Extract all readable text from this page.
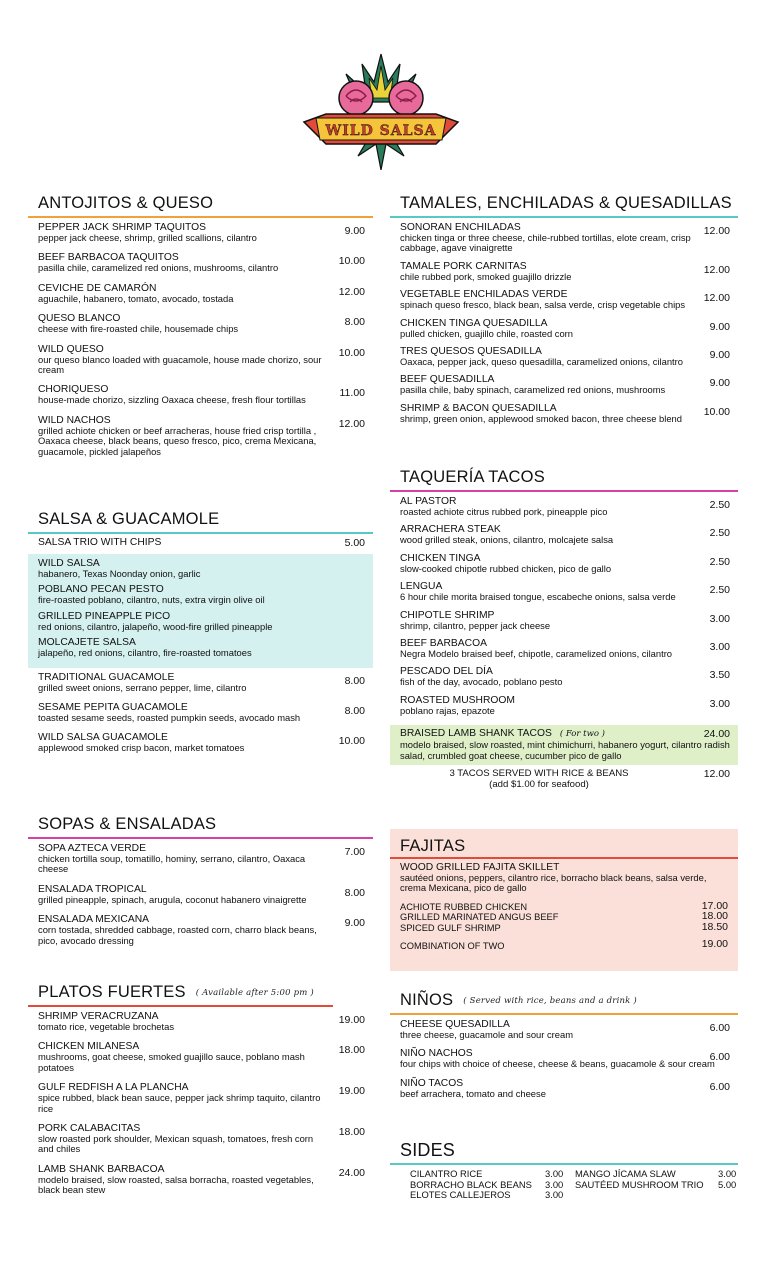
WILD SALSA
ANTOJITOS & QUESO
PEPPER JACK SHRIMP TAQUITOS
pepper jack cheese, shrimp, grilled scallions, cilantro
9.00
BEEF BARBACOA TAQUITOS
pasilla chile, caramelized red onions, mushrooms, cilantro
10.00
CEVICHE DE CAMARÓN
aguachile, habanero, tomato, avocado, tostada
12.00
QUESO BLANCO
cheese with fire-roasted chile, housemade chips
8.00
WILD QUESO
our queso blanco loaded with guacamole, house made chorizo, sour cream
10.00
CHORIQUESO
house-made chorizo, sizzling Oaxaca cheese, fresh flour tortillas
11.00
WILD NACHOS
grilled achiote chicken or beef arracheras, house fried crisp tortilla , Oaxaca cheese, black beans, queso fresco, pico, crema Mexicana, guacamole, pickled jalapeños
12.00
SALSA & GUACAMOLE
SALSA TRIO WITH CHIPS	5.00
WILD SALSA
habanero, Texas Noonday onion, garlic
POBLANO PECAN PESTO
fire-roasted poblano, cilantro, nuts, extra virgin olive oil
GRILLED PINEAPPLE PICO
red onions, cilantro, jalapeño, wood-fire grilled pineapple
MOLCAJETE SALSA
jalapeño, red onions, cilantro, fire-roasted tomatoes
TRADITIONAL GUACAMOLE
grilled sweet onions, serrano pepper, lime, cilantro
8.00
SESAME PEPITA GUACAMOLE
toasted sesame seeds, roasted pumpkin seeds, avocado mash
8.00
WILD SALSA GUACAMOLE
applewood smoked crisp bacon, market tomatoes
10.00
SOPAS & ENSALADAS
SOPA AZTECA VERDE
chicken tortilla soup, tomatillo, hominy, serrano, cilantro, Oaxaca cheese
7.00
ENSALADA TROPICAL
grilled pineapple, spinach, arugula, coconut habanero vinaigrette
8.00
ENSALADA MEXICANA
corn tostada, shredded cabbage, roasted corn, charro black beans, pico, avocado dressing
9.00
PLATOS FUERTES ( Available after 5:00 pm )
SHRIMP VERACRUZANA
tomato rice, vegetable brochetas
19.00
CHICKEN MILANESA
mushrooms, goat cheese, smoked guajillo sauce, poblano mash potatoes
18.00
GULF REDFISH A LA PLANCHA
spice rubbed, black bean sauce, pepper jack shrimp taquito, cilantro rice
19.00
PORK CALABACITAS
slow roasted pork shoulder, Mexican squash, tomatoes, fresh corn and chiles
18.00
LAMB SHANK BARBACOA
modelo braised, slow roasted, salsa borracha, roasted vegetables, black bean stew
24.00
TAMALES, ENCHILADAS & QUESADILLAS
SONORAN ENCHILADAS
chicken tinga or three cheese, chile-rubbed tortillas, elote cream, crisp cabbage, agave vinaigrette
12.00
TAMALE PORK CARNITAS
chile rubbed pork, smoked guajillo drizzle
12.00
VEGETABLE ENCHILADAS VERDE
spinach queso fresco, black bean, salsa verde, crisp vegetable chips
12.00
CHICKEN TINGA QUESADILLA
pulled chicken, guajillo chile, roasted corn
9.00
TRES QUESOS QUESADILLA
Oaxaca, pepper jack, queso quesadilla, caramelized onions, cilantro
9.00
BEEF QUESADILLA
pasilla chile, baby spinach, caramelized red onions, mushrooms
9.00
SHRIMP & BACON QUESADILLA
shrimp, green onion, applewood smoked bacon, three cheese blend
10.00
TAQUERÍA TACOS
AL PASTOR
roasted achiote citrus rubbed pork, pineapple pico
2.50
ARRACHERA STEAK
wood grilled steak, onions, cilantro, molcajete salsa
2.50
CHICKEN TINGA
slow-cooked chipotle rubbed chicken, pico de gallo
2.50
LENGUA
6 hour chile morita braised tongue, escabeche onions, salsa verde
2.50
CHIPOTLE SHRIMP
shrimp, cilantro, pepper jack cheese
3.00
BEEF BARBACOA
Negra Modelo braised beef, chipotle, caramelized onions, cilantro
3.00
PESCADO DEL DÍA
fish of the day, avocado, poblano pesto
3.50
ROASTED MUSHROOM
poblano rajas, epazote
3.00
BRAISED LAMB SHANK TACOS ( For two )
modelo braised, slow roasted, mint chimichurri, habanero yogurt, cilantro radish salad, crumbled goat cheese, cucumber pico de gallo
24.00
3 TACOS SERVED WITH RICE & BEANS
(add $1.00 for seafood)
12.00
FAJITAS
WOOD GRILLED FAJITA SKILLET
sautéed onions, peppers, cilantro rice, borracho black beans, salsa verde, crema Mexicana, pico de gallo
ACHIOTE RUBBED CHICKEN	17.00
GRILLED MARINATED ANGUS BEEF	18.00
SPICED GULF SHRIMP	18.50
COMBINATION OF TWO	19.00
NIÑOS ( Served with rice, beans and a drink )
CHEESE QUESADILLA
three cheese, guacamole and sour cream
6.00
NIÑO NACHOS
four chips with choice of cheese, cheese & beans, guacamole & sour cream
6.00
NIÑO TACOS
beef arrachera, tomato and cheese
6.00
SIDES
CILANTRO RICE	3.00 MANGO JÍCAMA SLAW	3.00
BORRACHO BLACK BEANS 3.00 SAUTÉED MUSHROOM TRIO 5.00
ELOTES CALLEJEROS	3.00
